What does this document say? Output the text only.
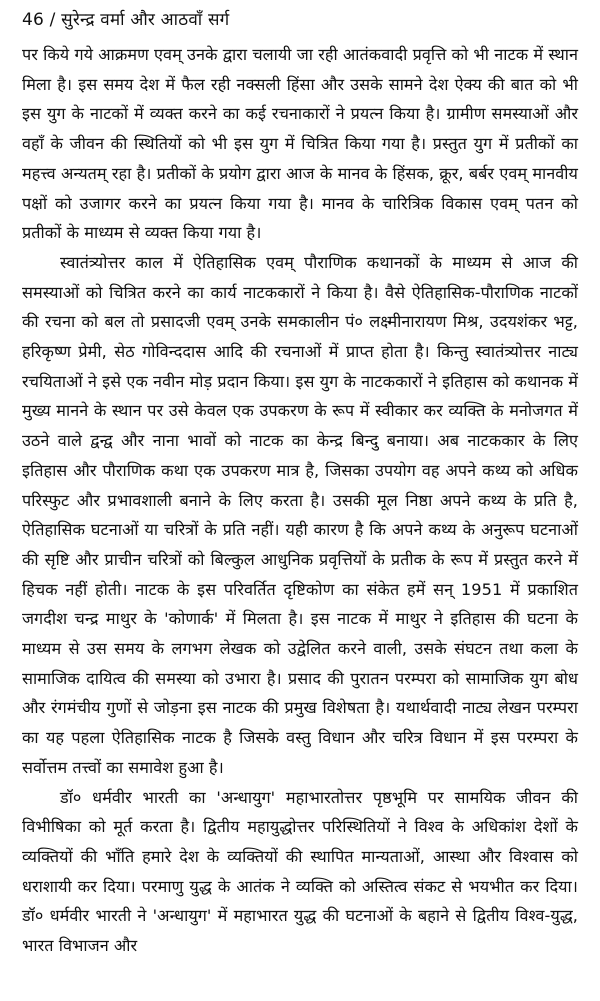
46 / सुरेन्द्र वर्मा और आठवाँ सर्ग

पर किये गये आक्रमण एवम् उनके द्वारा चलायी जा रही आतंकवादी प्रवृत्ति को भी नाटक में स्थान मिला है। इस समय देश में फैल रही नक्सली हिंसा और उसके सामने देश ऐक्य की बात को भी इस युग के नाटकों में व्यक्त करने का कई रचनाकारों ने प्रयत्न किया है। ग्रामीण समस्याओं और वहाँ के जीवन की स्थितियों को भी इस युग में चित्रित किया गया है। प्रस्तुत युग में प्रतीकों का महत्त्व अन्यतम् रहा है। प्रतीकों के प्रयोग द्वारा आज के मानव के हिंसक, क्रूर, बर्बर एवम् मानवीय पक्षों को उजागर करने का प्रयत्न किया गया है। मानव के चारित्रिक विकास एवम् पतन को प्रतीकों के माध्यम से व्यक्त किया गया है।

स्वातंत्र्योत्तर काल में ऐतिहासिक एवम् पौराणिक कथानकों के माध्यम से आज की समस्याओं को चित्रित करने का कार्य नाटककारों ने किया है। वैसे ऐतिहासिक-पौराणिक नाटकों की रचना को बल तो प्रसादजी एवम् उनके समकालीन पं० लक्ष्मीनारायण मिश्र, उदयशंकर भट्ट, हरिकृष्ण प्रेमी, सेठ गोविन्ददास आदि की रचनाओं में प्राप्त होता है। किन्तु स्वातंत्र्योत्तर नाट्य रचयिताओं ने इसे एक नवीन मोड़ प्रदान किया। इस युग के नाटककारों ने इतिहास को कथानक में मुख्य मानने के स्थान पर उसे केवल एक उपकरण के रूप में स्वीकार कर व्यक्ति के मनोजगत में उठने वाले द्वन्द्व और नाना भावों को नाटक का केन्द्र बिन्दु बनाया। अब नाटककार के लिए इतिहास और पौराणिक कथा एक उपकरण मात्र है, जिसका उपयोग वह अपने कथ्य को अधिक परिस्फुट और प्रभावशाली बनाने के लिए करता है। उसकी मूल निष्ठा अपने कथ्य के प्रति है, ऐतिहासिक घटनाओं या चरित्रों के प्रति नहीं। यही कारण है कि अपने कथ्य के अनुरूप घटनाओं की सृष्टि और प्राचीन चरित्रों को बिल्कुल आधुनिक प्रवृत्तियों के प्रतीक के रूप में प्रस्तुत करने में हिचक नहीं होती। नाटक के इस परिवर्तित दृष्टिकोण का संकेत हमें सन् 1951 में प्रकाशित जगदीश चन्द्र माथुर के 'कोणार्क' में मिलता है। इस नाटक में माथुर ने इतिहास की घटना के माध्यम से उस समय के लगभग लेखक को उद्वेलित करने वाली, उसके संघटन तथा कला के सामाजिक दायित्व की समस्या को उभारा है। प्रसाद की पुरातन परम्परा को सामाजिक युग बोध और रंगमंचीय गुणों से जोड़ना इस नाटक की प्रमुख विशेषता है। यथार्थवादी नाट्य लेखन परम्परा का यह पहला ऐतिहासिक नाटक है जिसके वस्तु विधान और चरित्र विधान में इस परम्परा के सर्वोत्तम तत्त्वों का समावेश हुआ है।

डॉ० धर्मवीर भारती का 'अन्धायुग' महाभारतोत्तर पृष्ठभूमि पर सामयिक जीवन की विभीषिका को मूर्त करता है। द्वितीय महायुद्धोत्तर परिस्थितियों ने विश्व के अधिकांश देशों के व्यक्तियों की भाँति हमारे देश के व्यक्तियों की स्थापित मान्यताओं, आस्था और विश्वास को धराशायी कर दिया। परमाणु युद्ध के आतंक ने व्यक्ति को अस्तित्व संकट से भयभीत कर दिया। डॉ० धर्मवीर भारती ने 'अन्धायुग' में महाभारत युद्ध की घटनाओं के बहाने से द्वितीय विश्व-युद्ध, भारत विभाजन और
